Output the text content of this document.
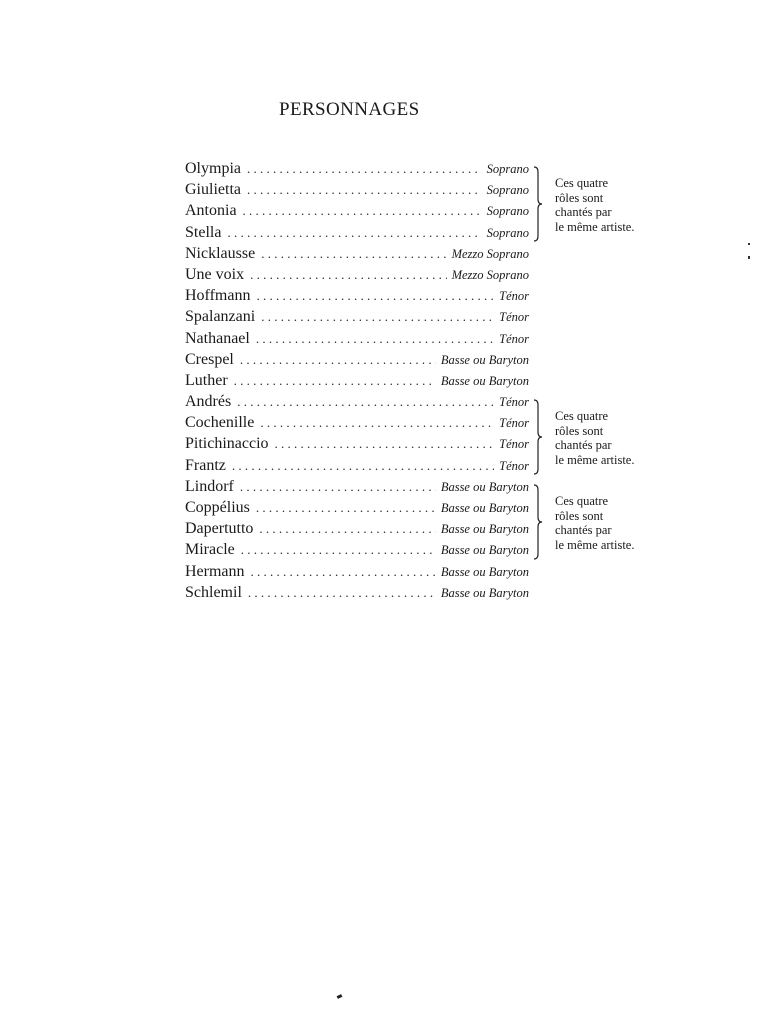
PERSONNAGES
Olympia . . .	Soprano
Giulietta . . .	Soprano
Antonia . . .	Soprano
Stella . . .	Soprano
Nicklausse . . .	Mezzo Soprano
Une voix . . .	Mezzo Soprano
Hoffmann . . .	Ténor
Spalanzani . . .	Ténor
Nathanael . . .	Ténor
Crespel . . .	Basse ou Baryton
Luther . . .	Basse ou Baryton
Andrés . . .	Ténor
Cochenille . . .	Ténor
Pitichinaccio . . .	Ténor
Frantz . . .	Ténor
Lindorf . . .	Basse ou Baryton
Coppélius . . .	Basse ou Baryton
Dapertutto . . .	Basse ou Baryton
Miracle . . .	Basse ou Baryton
Hermann . . .	Basse ou Baryton
Schlemil . . .	Basse ou Baryton
Ces quatre
rôles sont
chantés par
le même artiste.
Ces quatre
rôles sont
chantés par
le même artiste.
Ces quatre
rôles sont
chantés par
le même artiste.
